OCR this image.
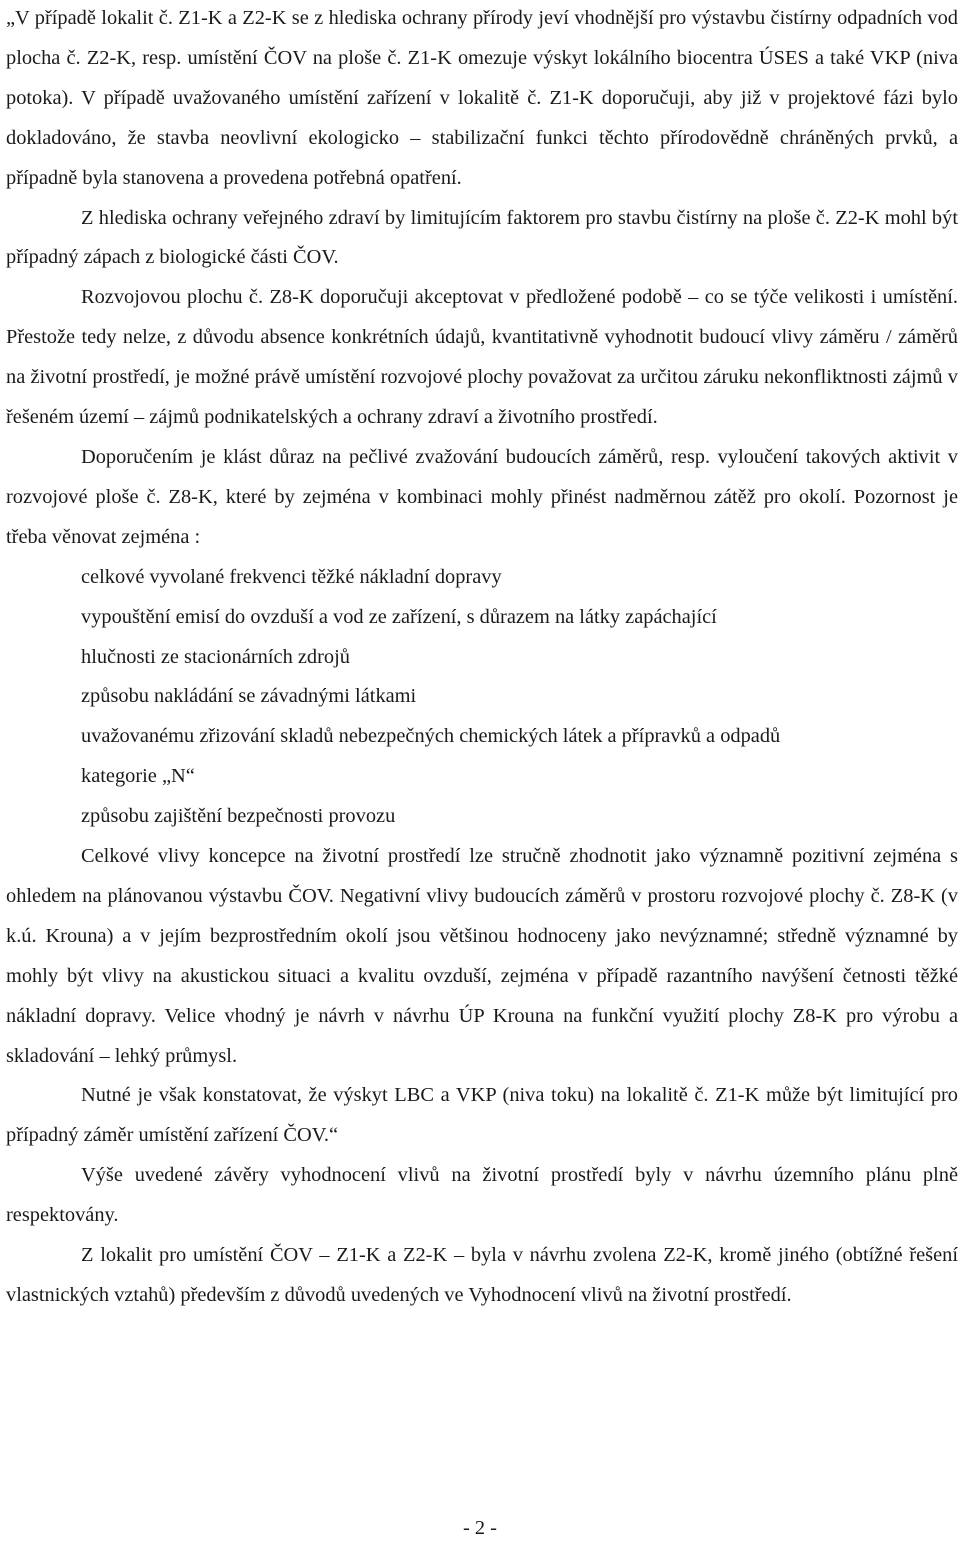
„V případě lokalit č. Z1-K a Z2-K se z hlediska ochrany přírody jeví vhodnější pro výstavbu čistírny odpadních vod plocha č. Z2-K, resp. umístění ČOV na ploše č. Z1-K omezuje výskyt lokálního biocentra ÚSES a také VKP (niva potoka). V případě uvažovaného umístění zařízení v lokalitě č. Z1-K doporučuji, aby již v projektové fázi bylo dokladováno, že stavba neovlivní ekologicko – stabilizační funkci těchto přírodovědně chráněných prvků, a případně byla stanovena a provedena potřebná opatření.

Z hlediska ochrany veřejného zdraví by limitujícím faktorem pro stavbu čistírny na ploše č. Z2-K mohl být případný zápach z biologické části ČOV.

Rozvojovou plochu č. Z8-K doporučuji akceptovat v předložené podobě – co se týče velikosti i umístění. Přestože tedy nelze, z důvodu absence konkrétních údajů, kvantitativně vyhodnotit budoucí vlivy záměru / záměrů na životní prostředí, je možné právě umístění rozvojové plochy považovat za určitou záruku nekonfliktnosti zájmů v řešeném území – zájmů podnikatelských a ochrany zdraví a životního prostředí.

Doporučením je klást důraz na pečlivé zvažování budoucích záměrů, resp. vyloučení takových aktivit v rozvojové ploše č. Z8-K, které by zejména v kombinaci mohly přinést nadměrnou zátěž pro okolí. Pozornost je třeba věnovat zejména :

celkové vyvolané frekvenci těžké nákladní dopravy
vypouštění emisí do ovzduší a vod ze zařízení, s důrazem na látky zapáchající
hlučnosti ze stacionárních zdrojů
způsobu nakládání se závadnými látkami
uvažovanému zřizování skladů nebezpečných chemických látek a přípravků a odpadů
kategorie „N“
způsobu zajištění bezpečnosti provozu

Celkové vlivy koncepce na životní prostředí lze stručně zhodnotit jako významně pozitivní zejména s ohledem na plánovanou výstavbu ČOV. Negativní vlivy budoucích záměrů v prostoru rozvojové plochy č. Z8-K (v k.ú. Krouna) a v jejím bezprostředním okolí jsou většinou hodnoceny jako nevýznamné; středně významné by mohly být vlivy na akustickou situaci a kvalitu ovzduší, zejména v případě razantního navýšení četnosti těžké nákladní dopravy. Velice vhodný je návrh v návrhu ÚP Krouna na funkční využití plochy Z8-K pro výrobu a skladování – lehký průmysl.

Nutné je však konstatovat, že výskyt LBC a VKP (niva toku) na lokalitě č. Z1-K může být limitující pro případný záměr umístění zařízení ČOV.“

Výše uvedené závěry vyhodnocení vlivů na životní prostředí byly v návrhu územního plánu plně respektovány.

Z lokalit pro umístění ČOV – Z1-K a Z2-K – byla v návrhu zvolena Z2-K, kromě jiného (obtížné řešení vlastnických vztahů) především z důvodů uvedených ve Vyhodnocení vlivů na životní prostředí.

- 2 -
